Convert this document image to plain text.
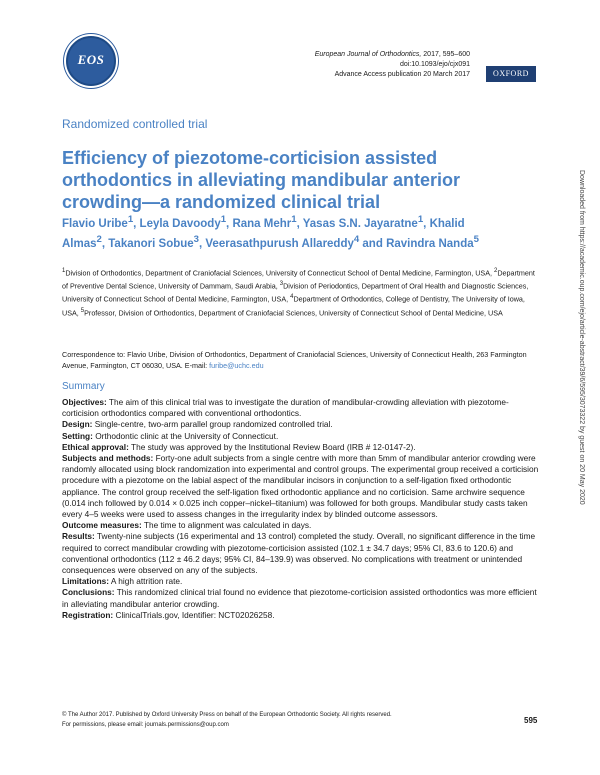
EOS	European Journal of Orthodontics, 2017, 595–600
doi:10.1093/ejo/cjx091
Advance Access publication 20 March 2017	OXFORD
Randomized controlled trial
Efficiency of piezotome-corticision assisted orthodontics in alleviating mandibular anterior crowding—a randomized clinical trial
Flavio Uribe$^1$, Leyla Davoody$^1$, Rana Mehr$^1$, Yasas S.N. Jayaratne$^1$, Khalid Almas$^2$, Takanori Sobue$^3$, Veerasathpurush Allareddy$^4$ and Ravindra Nanda$^5$
$^1$Division of Orthodontics, Department of Craniofacial Sciences, University of Connecticut School of Dental Medicine, Farmington, USA, $^2$Department of Preventive Dental Science, University of Dammam, Saudi Arabia, $^3$Division of Periodontics, Department of Oral Health and Diagnostic Sciences, University of Connecticut School of Dental Medicine, Farmington, USA, $^4$Department of Orthodontics, College of Dentistry, The University of Iowa, USA, $^5$Professor, Division of Orthodontics, Department of Craniofacial Sciences, University of Connecticut School of Dental Medicine, USA
Correspondence to: Flavio Uribe, Division of Orthodontics, Department of Craniofacial Sciences, University of Connecticut Health, 263 Farmington Avenue, Farmington, CT 06030, USA. E-mail: furibe@uchc.edu
Summary

Objectives: The aim of this clinical trial was to investigate the duration of mandibular-crowding alleviation with piezotome-corticision orthodontics compared with conventional orthodontics.

Design: Single-centre, two-arm parallel group randomized controlled trial.

Setting: Orthodontic clinic at the University of Connecticut.

Ethical approval: The study was approved by the Institutional Review Board (IRB # 12-0147-2).

Subjects and methods: Forty-one adult subjects from a single centre with more than 5mm of mandibular anterior crowding were randomly allocated using block randomization into experimental and control groups. The experimental group received a corticision procedure with a piezotome on the labial aspect of the mandibular incisors in conjunction to a self-ligation fixed orthodontic appliance. The control group received the self-ligation fixed orthodontic appliance and no corticision. Same archwire sequence (0.014 inch followed by 0.014 × 0.025 inch copper–nickel–titanium) was followed for both groups. Mandibular study casts taken every 4–5 weeks were used to assess changes in the irregularity index by blinded outcome assessors.

Outcome measures: The time to alignment was calculated in days.

Results: Twenty-nine subjects (16 experimental and 13 control) completed the study. Overall, no significant difference in the time required to correct mandibular crowding with piezotome-corticision assisted (102.1 ± 34.7 days; 95% CI, 83.6 to 120.6) and conventional orthodontics (112 ± 46.2 days; 95% CI, 84–139.9) was observed. No complications with treatment or unintended consequences were observed on any of the subjects.

Limitations: A high attrition rate.

Conclusions: This randomized clinical trial found no evidence that piezotome-corticision assisted orthodontics was more efficient in alleviating mandibular anterior crowding.

Registration: ClinicalTrials.gov, Identifier: NCT02026258.

© The Author 2017. Published by Oxford University Press on behalf of the European Orthodontic Society. All rights reserved.
For permissions, please email: journals.permissions@oup.com	595
Downloaded from https://academic.oup.com/ejo/article-abstract/39/6/595/3073322 by guest on 20 May 2020
